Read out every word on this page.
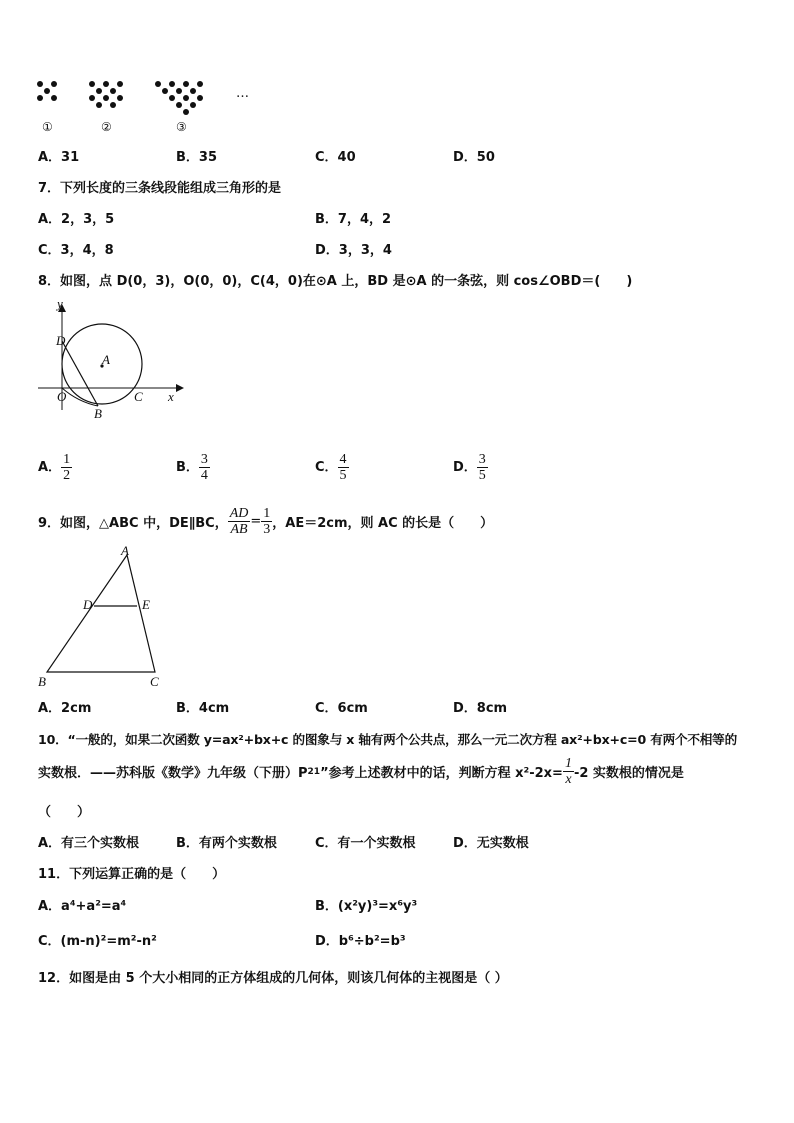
…
①	②	③
A．31	B．35	C．40	D．50
7．下列长度的三条线段能组成三角形的是
A．2，3，5	B．7，4，2
C．3，4，8	D．3，3，4
8．如图，点 D(0，3)，O(0，0)，C(4，0)在⊙A 上，BD 是⊙A 的一条弦，则 cos∠OBD＝(　　)
y
D
A
O	C x
B
A． $\frac{1}{2}$	B． $\frac{3}{4}$	C． $\frac{4}{5}$	D． $\frac{3}{5}$
9．如图，△ABC 中，DE∥BC， $\frac{AD}{AB} = \frac{1}{3}$ ，AE＝2cm，则 AC 的长是（　　）
A
D	E
B	C
A．2cm	B．4cm	C．6cm	D．8cm
10．“一般的，如果二次函数 y=ax²+bx+c 的图象与 x 轴有两个公共点，那么一元二次方程 ax²+bx+c=0 有两个不相等的
实数根．——苏科版《数学》九年级（下册）P 21 ”参考上述教材中的话，判断方程 $x^2-2x= \frac{1}{x} -2$ 实数根的情况是
（　　）
A．有三个实数根	B．有两个实数根	C．有一个实数根	D．无实数根
11．下列运算正确的是（　　）
A．a⁴+a²=a⁴	B．(x²y)³=x⁶y³
C．(m-n)²=m²-n²	D．b⁶÷b²=b³
12．如图是由 5 个大小相同的正方体组成的几何体，则该几何体的主视图是（ ）
